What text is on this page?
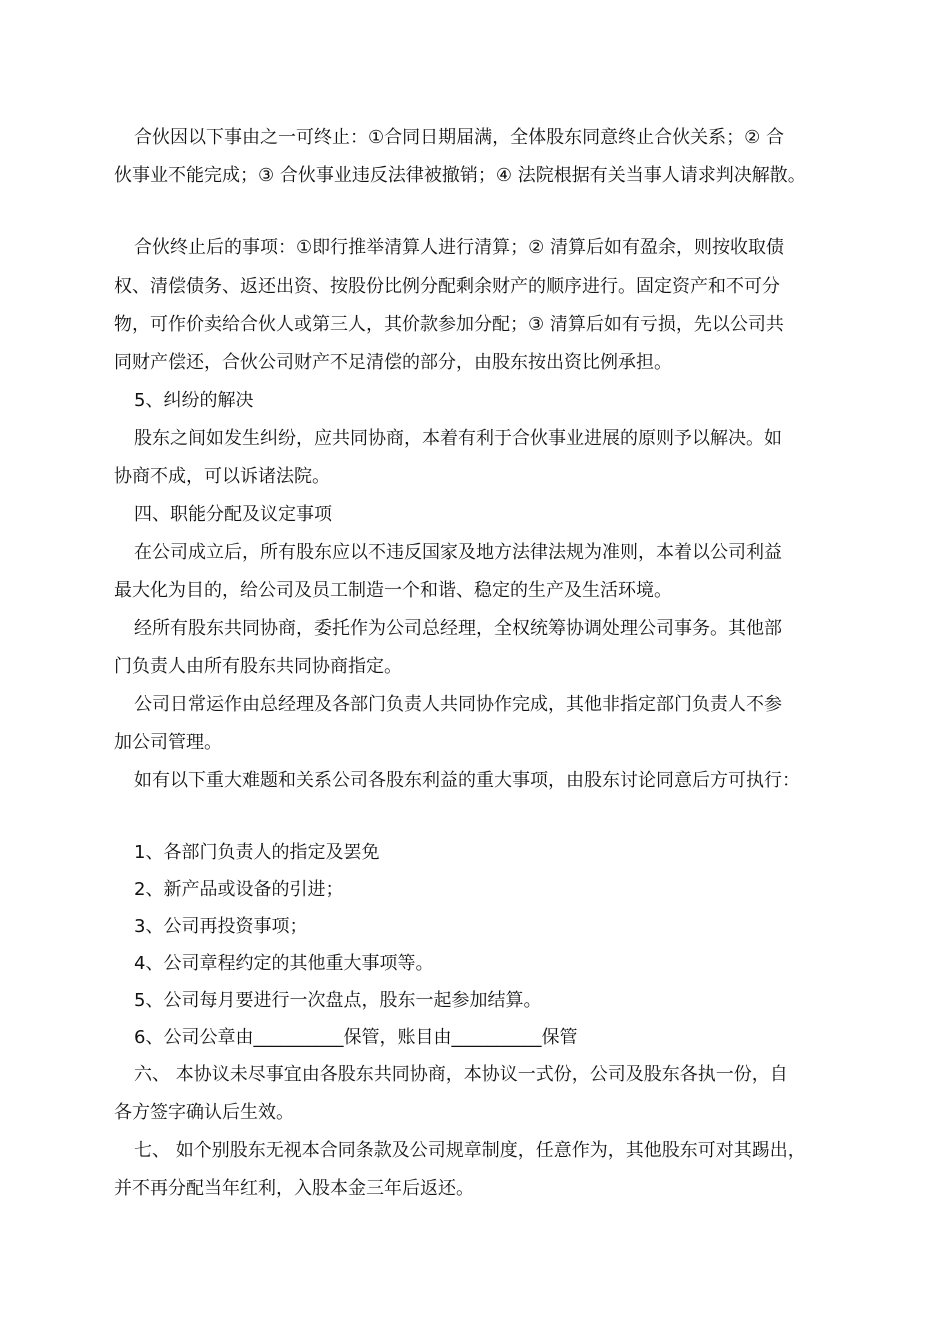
合伙因以下事由之一可终止：①合同日期届满，全体股东同意终止合伙关系；② 合
伙事业不能完成；③ 合伙事业违反法律被撤销；④ 法院根据有关当事人请求判决解散。
合伙终止后的事项：①即行推举清算人进行清算；② 清算后如有盈余，则按收取债
权、清偿债务、返还出资、按股份比例分配剩余财产的顺序进行。固定资产和不可分
物，可作价卖给合伙人或第三人，其价款参加分配；③ 清算后如有亏损，先以公司共
同财产偿还，合伙公司财产不足清偿的部分，由股东按出资比例承担。
5、纠纷的解决
股东之间如发生纠纷，应共同协商，本着有利于合伙事业进展的原则予以解决。如
协商不成，可以诉诸法院。
四、职能分配及议定事项
在公司成立后，所有股东应以不违反国家及地方法律法规为准则，本着以公司利益
最大化为目的，给公司及员工制造一个和谐、稳定的生产及生活环境。
经所有股东共同协商，委托作为公司总经理，全权统筹协调处理公司事务。其他部
门负责人由所有股东共同协商指定。
公司日常运作由总经理及各部门负责人共同协作完成，其他非指定部门负责人不参
加公司管理。
如有以下重大难题和关系公司各股东利益的重大事项，由股东讨论同意后方可执行：
1、各部门负责人的指定及罢免
2、新产品或设备的引进；
3、公司再投资事项；
4、公司章程约定的其他重大事项等。
5、公司每月要进行一次盘点，股东一起参加结算。
6、公司公章由__________保管，账目由__________保管
六、 本协议未尽事宜由各股东共同协商，本协议一式份，公司及股东各执一份，自
各方签字确认后生效。
七、 如个别股东无视本合同条款及公司规章制度，任意作为，其他股东可对其踢出，
并不再分配当年红利，入股本金三年后返还。
